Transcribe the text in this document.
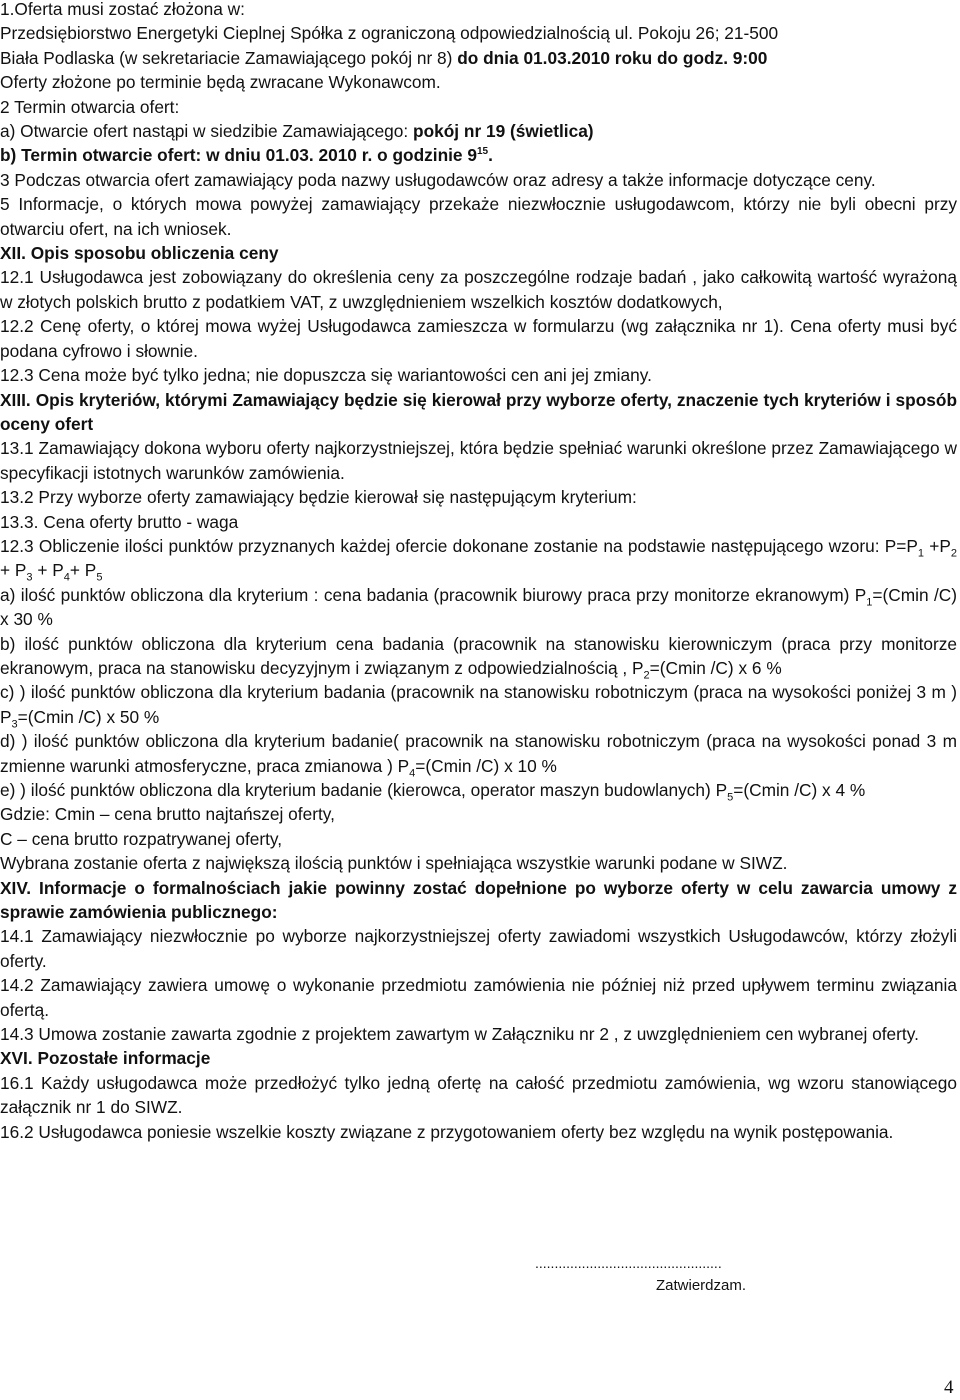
1.Oferta musi zostać złożona w:

Przedsiębiorstwo Energetyki Cieplnej Spółka z ograniczoną odpowiedzialnością ul. Pokoju 26; 21-500

Biała Podlaska (w sekretariacie Zamawiającego pokój nr 8) do dnia 01.03.2010 roku do godz. 9:00

Oferty złożone po terminie będą zwracane Wykonawcom.

2 Termin otwarcia ofert:

a) Otwarcie ofert nastąpi w siedzibie Zamawiającego: pokój nr 19 (świetlica)

b) Termin otwarcie ofert: w dniu 01.03. 2010 r. o godzinie $9^{15}$.

3 Podczas otwarcia ofert zamawiający poda nazwy usługodawców oraz adresy a także informacje dotyczące ceny.

5 Informacje, o których mowa powyżej zamawiający przekaże niezwłocznie usługodawcom, którzy nie byli obecni przy otwarciu ofert, na ich wniosek.

XII. Opis sposobu obliczenia ceny

12.1 Usługodawca jest zobowiązany do określenia ceny za poszczególne rodzaje badań , jako całkowitą wartość wyrażoną w złotych polskich brutto z podatkiem VAT, z uwzględnieniem wszelkich kosztów dodatkowych,

12.2 Cenę oferty, o której mowa wyżej Usługodawca zamieszcza w formularzu (wg załącznika nr 1). Cena oferty musi być podana cyfrowo i słownie.

12.3 Cena może być tylko jedna; nie dopuszcza się wariantowości cen ani jej zmiany.

XIII. Opis kryteriów, którymi Zamawiający będzie się kierował przy wyborze oferty, znaczenie tych kryteriów i sposób oceny ofert

13.1 Zamawiający dokona wyboru oferty najkorzystniejszej, która będzie spełniać warunki określone przez Zamawiającego w specyfikacji istotnych warunków zamówienia.

13.2 Przy wyborze oferty zamawiający będzie kierował się następującym kryterium:

13.3. Cena oferty brutto - waga

12.3 Obliczenie ilości punktów przyznanych każdej ofercie dokonane zostanie na podstawie następującego wzoru: $P=P_1 +P_2 + P_3 + P_4+ P_5$

a) ilość punktów obliczona dla kryterium : cena badania (pracownik biurowy praca przy monitorze ekranowym) $P_1=(Cmin$ /C) x 30 %

b) ilość punktów obliczona dla kryterium cena badania (pracownik na stanowisku kierowniczym (praca przy monitorze ekranowym, praca na stanowisku decyzyjnym i związanym z odpowiedzialnością , $P_2=(Cmin$ /C) x 6 %

c) ) ilość punktów obliczona dla kryterium badania (pracownik na stanowisku robotniczym (praca na wysokości poniżej 3 m ) $P_3=(Cmin$ /C) x 50 %

d) ) ilość punktów obliczona dla kryterium badanie( pracownik na stanowisku robotniczym (praca na wysokości ponad 3 m zmienne warunki atmosferyczne, praca zmianowa ) $P_4=(Cmin$ /C) x 10 %

e) ) ilość punktów obliczona dla kryterium badanie (kierowca, operator maszyn budowlanych) $P_5=(Cmin$ /C) x 4 %

Gdzie: Cmin – cena brutto najtańszej oferty,

C – cena brutto rozpatrywanej oferty,

Wybrana zostanie oferta z największą ilością punktów i spełniająca wszystkie warunki podane w SIWZ.

XIV. Informacje o formalnościach jakie powinny zostać dopełnione po wyborze oferty w celu zawarcia umowy z sprawie zamówienia publicznego:

14.1 Zamawiający niezwłocznie po wyborze najkorzystniejszej oferty zawiadomi wszystkich Usługodawców, którzy złożyli oferty.

14.2 Zamawiający zawiera umowę o wykonanie przedmiotu zamówienia nie później niż przed upływem terminu związania ofertą.

14.3 Umowa zostanie zawarta zgodnie z projektem zawartym w Załączniku nr 2 , z uwzględnieniem cen wybranej oferty.

XVI. Pozostałe informacje

16.1 Każdy usługodawca może przedłożyć tylko jedną ofertę na całość przedmiotu zamówienia, wg wzoru stanowiącego załącznik nr 1 do SIWZ.

16.2 Usługodawca poniesie wszelkie koszty związane z przygotowaniem oferty bez względu na wynik postępowania.

................................................
Zatwierdzam.
4
